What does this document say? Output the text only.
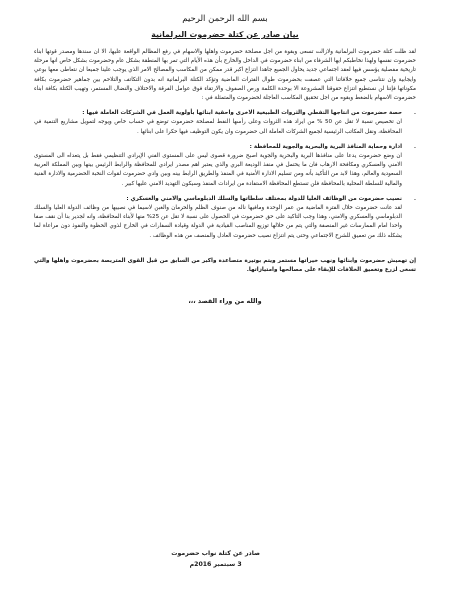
بسم الله الرحمن الرحيم
بيان صادر عن كتلة حضرموت البرلمانية

لقد ظلت كتلة حضرموت البرلمانية ولازالت تسعى وبقوة من اجل مصلحة حضرموت واهلها والاسهام في رفع المظالم الواقعة عليها، الا ان سندها ومصدر قوتها ابناء حضرموت نفسها ولهذا نخاطبكم ايها الشرفاء من ابناء حضرموت في الداخل والخارج بأن هذه الأيام التي تمر بها المنطقة بشكل عام وحضرموت بشكل خاص انها مرحلة تاريخية مفصلية يؤسس فيها لعقد اجتماعي جديد يحاول الجميع جاهدا انتزاع اكبر قدر ممكن من المكاسب والمصالح الامر الذي يوجب علينا جميعا ان نتعاطى معها بوعي وايجابية وان نتناسى جميع خلافاتنا التي عصفت بحضرموت طوال الفترات الماضية وتؤكد الكتلة البرلمانية انه بدون التكاتف والتلاحم بين جماهير حضرموت بكافة مكوناتها فإننا لن نستطيع انتزاع حقوقنا المشروعة الا بوحدة الكلمة ورص الصفوف والارتقاء فوق عوامل الفرقة والاختلاف والنضال المستمر، وتهيب الكتلة بكافة ابناء حضرموت الاسهام بالضغط وبقوه من اجل تحقيق المكاسب العاجلة لحضرموت والمتمثلة في :

-

حصة حضرموت من انتاجها النفطي والثروات الطبيعية الاخرى واحقية ابنائها بأولوية العمل في الشركات العاملة فيها :

ان تخصيص نسبة لا تقل عن 50 % من ايراد هذه الثروات وعلى رأسها النفط لمصلحة حضرموت توضع في حساب خاص ويوجه لتمويل مشاريع التنمية في المحافظة، ونقل المكاتب الرئيسية لجميع الشركات العاملة الى حضرموت وان يكون التوظيف فيها حكرا على ابنائها .

-

ادارة وحماية المنافذ البرية والبحرية والجوية للمحافظة :

ان وضع حضرموت يدعا على منافذها البرية والبحرية والجوية اصبح ضرورة قصوى ليس على المستوى الفني الإيرادي التنظيمي فقط بل يتعداه الى المستوى الامني والعسكري ومكافحة الارهاب فان ما يحتمل في منفذ الوديعة البري والذي يعتبر اهم مصدر ايرادي للمحافظة والرابط الرئيس بينها وبين المملكة العربية السعودية والعالم، وهذا لابد من التأكيد بأنه ومن تسليم الادارة الأمنية في المنفذ والطريق الرابط بينه وبين وادي حضرموت لقوات النخبة الحضرمية والادارة الفنية والمالية للسلطة المحلية بالمحافظة فلن تستطع المحافظة الاستفادة من ايرادات المنفذ وسيكون التهديد الامني عليها كبير .

-

نصيب حضرموت من الوظائف العليا للدولة بمختلف سلطاتها والسلك الدبلوماسي والامني والعسكري :

لقد عانت حضرموت خلال الفترة الماضية من عمر الوحدة ومافيها ناله من صنوف الظلم والحرمان والغبن لاسيما في نصيبها من وظائف الدولة العليا والسلك الدبلوماسي والعسكري والامني، وهذا وجب التاكيد على حق حضرموت في الحصول على نسبة لا تقل عن 25% منها لأبناء المحافظة، وانه لجدير بنا أن نقف صفا واحدا امام الممارسات غير المنصفة والتي يتم من خلالها توزيع المناصب القيادية في الدولة وقيادة السفارات في الخارج لذوي الحظوة والنفوذ دون مراعاة لما يشكله ذلك من تعميق للشرخ الاجتماعي وحتى يتم انتزاع نصيب حضرموت العادل والمنصف من هذه الوظائف .

إن تهميش حضرموت وابنائها ونهب خيراتها مستمر ويتم بوتيرة متصاعدة واكبر من السابق من قبل القوى المتربصة بحضرموت واهلها والتي تسعى لزرع وتعميق الخلافات للإبقاء على مصالحها وامتيازاتها.

والله من وراء القصد ،،،
صادر عن كتلة نواب حضرموت
3 سبتمبر 2016م
